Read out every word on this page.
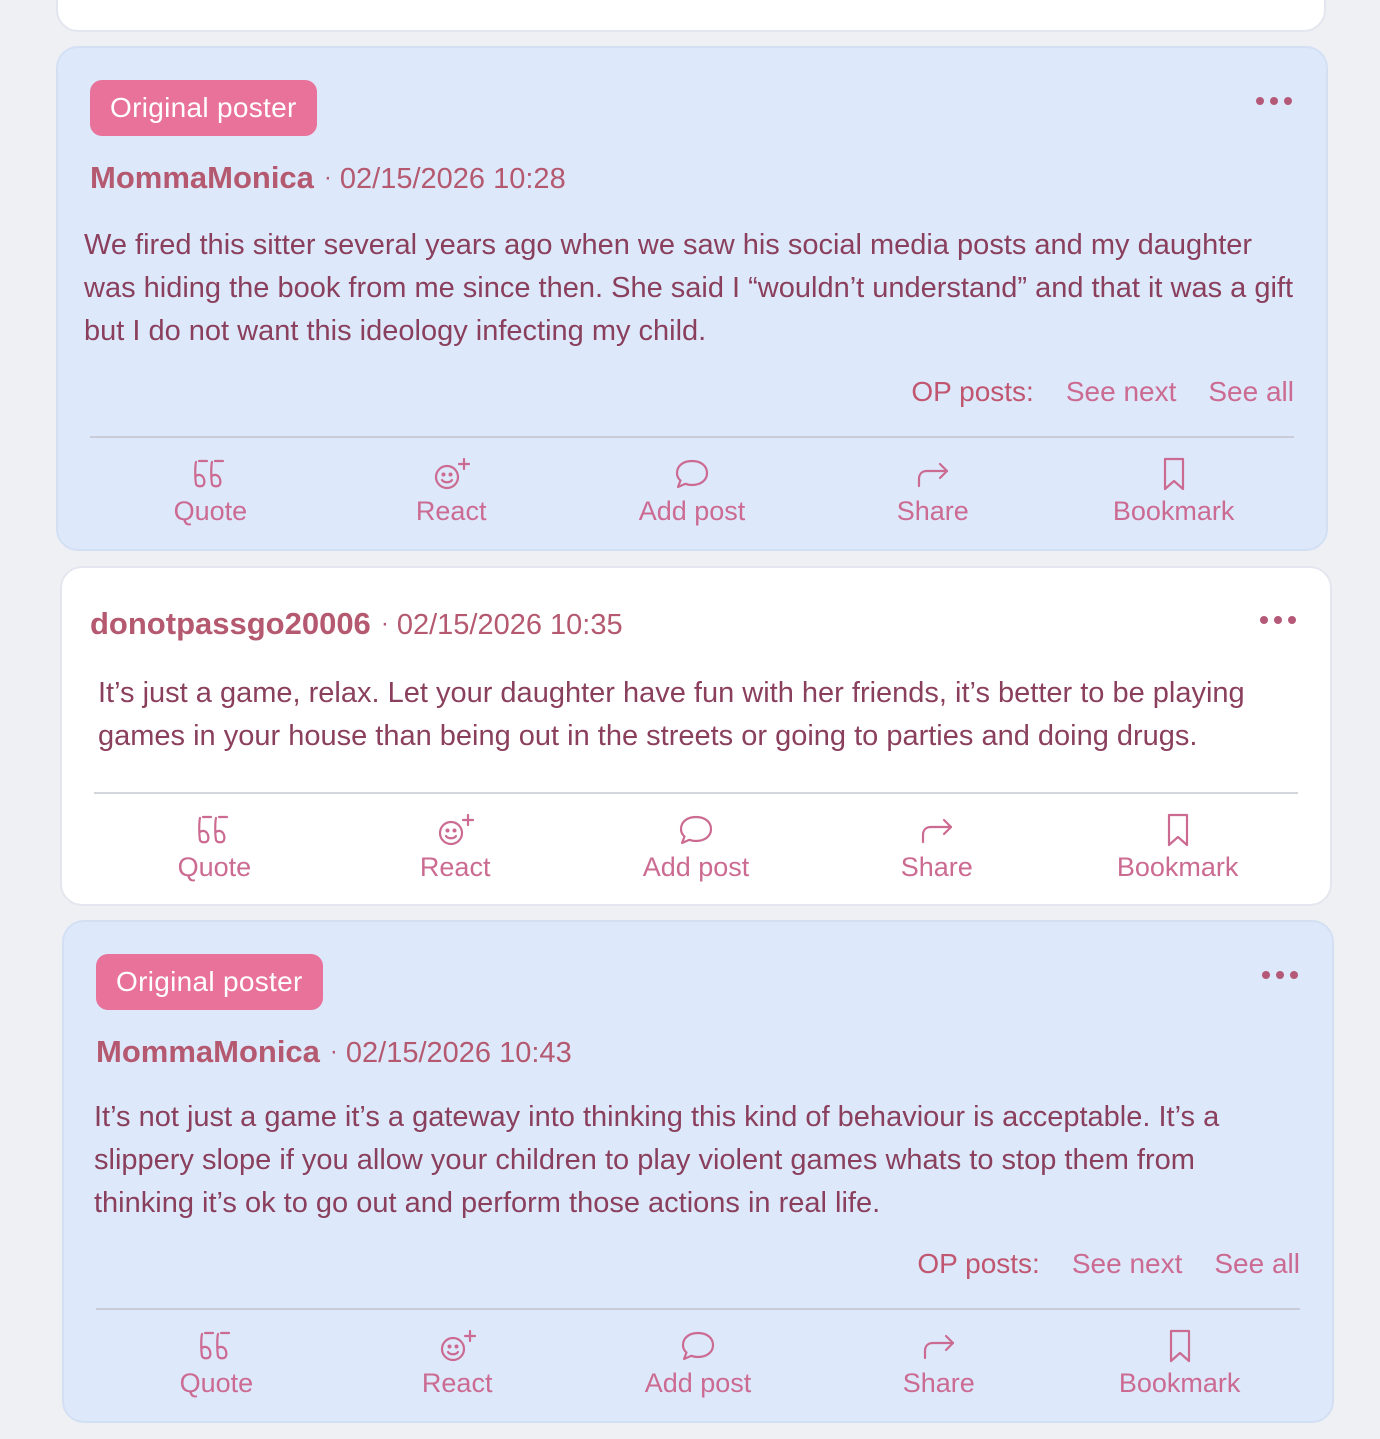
Original poster
MommaMonica · 02/15/2026 10:28

We fired this sitter several years ago when we saw his social media posts and my daughter was hiding the book from me since then. She said I “wouldn’t understand” and that it was a gift but I do not want this ideology infecting my child.

OP posts: See next See all
Quote	React	Add post	Share	Bookmark
donotpassgo20006 · 02/15/2026 10:35

It’s just a game, relax. Let your daughter have fun with her friends, it’s better to be playing games in your house than being out in the streets or going to parties and doing drugs.

Quote	React	Add post	Share	Bookmark
Original poster
MommaMonica · 02/15/2026 10:43

It’s not just a game it’s a gateway into thinking this kind of behaviour is acceptable. It’s a slippery slope if you allow your children to play violent games whats to stop them from thinking it’s ok to go out and perform those actions in real life.

OP posts: See next See all
Quote	React	Add post	Share	Bookmark
